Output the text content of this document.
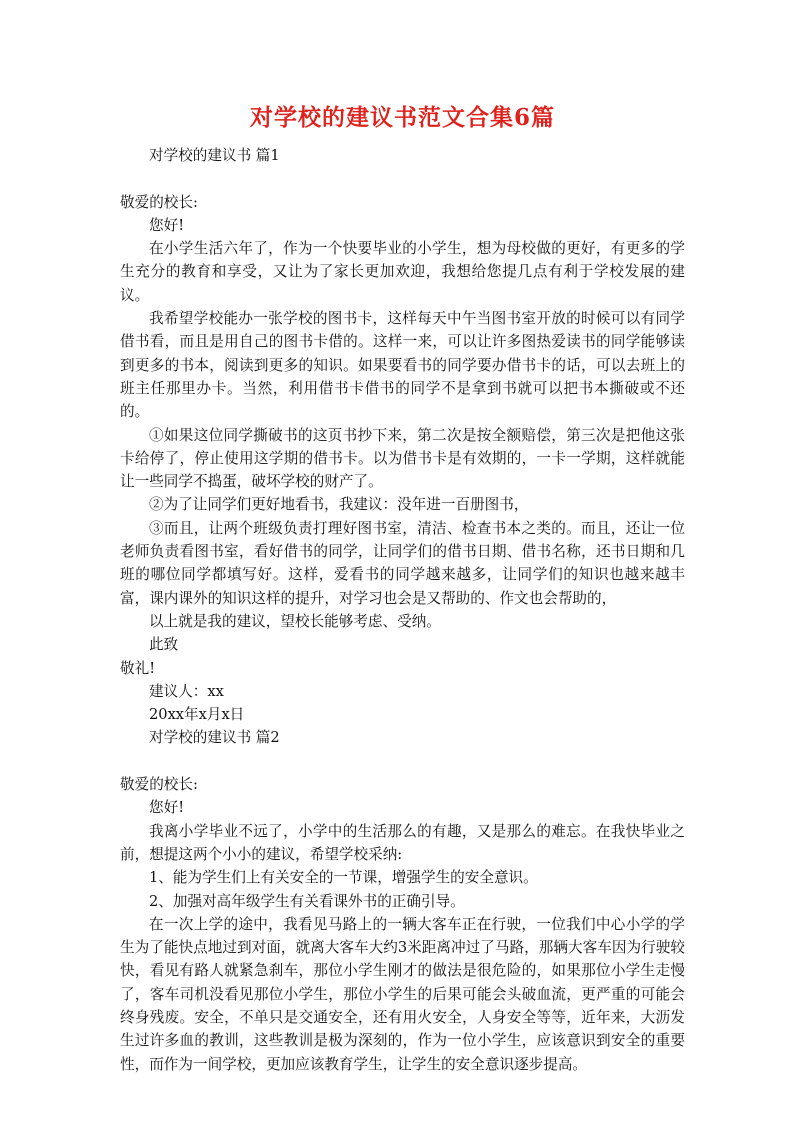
对学校的建议书范文合集6篇

对学校的建议书 篇1

敬爱的校长:

您好!

在小学生活六年了，作为一个快要毕业的小学生，想为母校做的更好，有更多的学生充分的教育和享受，又让为了家长更加欢迎，我想给您提几点有利于学校发展的建议。

我希望学校能办一张学校的图书卡，这样每天中午当图书室开放的时候可以有同学借书看，而且是用自己的图书卡借的。这样一来，可以让许多图热爱读书的同学能够读到更多的书本，阅读到更多的知识。如果要看书的同学要办借书卡的话，可以去班上的班主任那里办卡。当然，利用借书卡借书的同学不是拿到书就可以把书本撕破或不还的。

①如果这位同学撕破书的这页书抄下来，第二次是按全额赔偿，第三次是把他这张卡给停了，停止使用这学期的借书卡。以为借书卡是有效期的，一卡一学期，这样就能让一些同学不捣蛋，破坏学校的财产了。

②为了让同学们更好地看书，我建议：没年进一百册图书，

③而且，让两个班级负责打理好图书室，清洁、检查书本之类的。而且，还让一位老师负责看图书室，看好借书的同学，让同学们的借书日期、借书名称，还书日期和几班的哪位同学都填写好。这样，爱看书的同学越来越多，让同学们的知识也越来越丰富，课内课外的知识这样的提升，对学习也会是又帮助的、作文也会帮助的，

以上就是我的建议，望校长能够考虑、受纳。

此致

敬礼!

建议人：xx

20xx年x月x日

对学校的建议书 篇2

敬爱的校长:

您好!

我离小学毕业不远了，小学中的生活那么的有趣，又是那么的难忘。在我快毕业之前，想提这两个小小的建议，希望学校采纳:

1、能为学生们上有关安全的一节课，增强学生的安全意识。

2、加强对高年级学生有关看课外书的正确引导。

在一次上学的途中，我看见马路上的一辆大客车正在行驶，一位我们中心小学的学生为了能快点地过到对面，就离大客车大约3米距离冲过了马路，那辆大客车因为行驶较快，看见有路人就紧急刹车，那位小学生刚才的做法是很危险的，如果那位小学生走慢了，客车司机没看见那位小学生，那位小学生的后果可能会头破血流，更严重的可能会终身残废。安全，不单只是交通安全，还有用火安全，人身安全等等，近年来，大沥发生过许多血的教训，这些教训是极为深刻的，作为一位小学生，应该意识到安全的重要性，而作为一间学校，更加应该教育学生，让学生的安全意识逐步提高。
